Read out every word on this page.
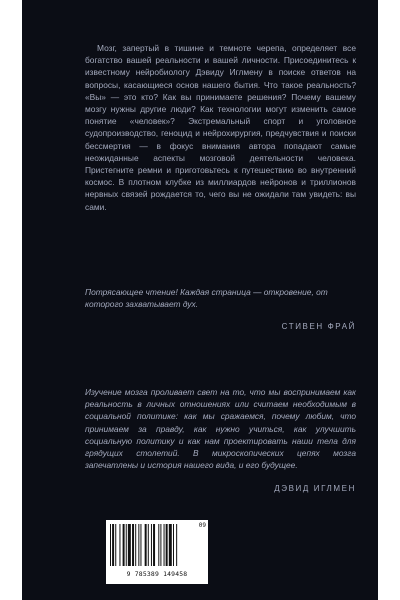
Мозг, запертый в тишине и темноте черепа, определяет все богатство вашей реальности и вашей личности. Присоединитесь к известному нейробиологу Дэвиду Иглмену в поиске ответов на вопросы, касающиеся основ нашего бытия. Что такое реальность? «Вы» — это кто? Как вы принимаете решения? Почему вашему мозгу нужны другие люди? Как технологии могут изменить самое понятие «человек»? Экстремальный спорт и уголовное судопроизводство, геноцид и нейрохирургия, предчувствия и поиски бессмертия — в фокус внимания автора попадают самые неожиданные аспекты мозговой деятельности человека. Пристегните ремни и приготовьтесь к путешествию во внутренний космос. В плотном клубке из миллиардов нейронов и триллионов нервных связей рождается то, чего вы не ожидали там увидеть: вы сами.

Потрясающее чтение! Каждая страница — откровение, от которого захватывает дух.

СТИВЕН ФРАЙ

Изучение мозга проливает свет на то, что мы воспринимаем как реальность в личных отношениях или считаем необходимым в социальной политике: как мы сражаемся, почему любим, что принимаем за правду, как нужно учиться, как улучшить социальную политику и как нам проектировать наши тела для грядущих столетий. В микроскопических цепях мозга запечатлены и история нашего вида, и его будущее.

ДЭВИД ИГЛМЕН

9 785389 149458
09
